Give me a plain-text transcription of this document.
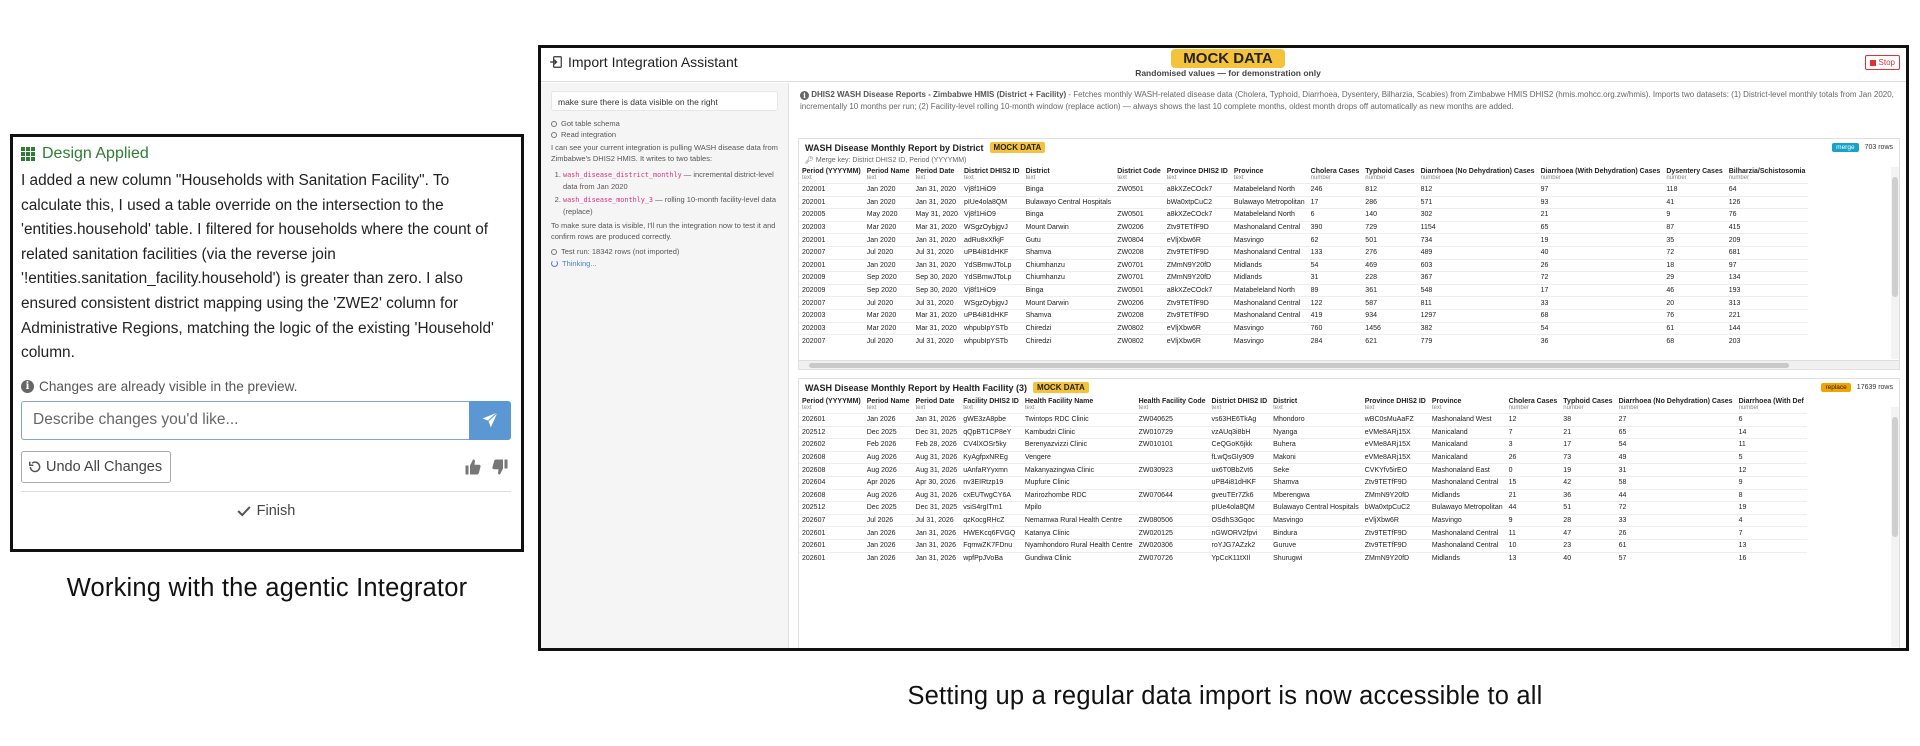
Design Applied

I added a new column "Households with Sanitation Facility". To calculate this, I used a table override on the intersection to the 'entities.household' table. I filtered for households where the count of related sanitation facilities (via the reverse join '!entities.sanitation_facility.household') is greater than zero. I also ensured consistent district mapping using the 'ZWE2' column for Administrative Regions, matching the logic of the existing 'Household' column.

i Changes are already visible in the preview.
Describe changes you'd like...
Undo All Changes
Finish
Working with the agentic Integrator
Import Integration Assistant	MOCK DATA
Randomised values — for demonstration only
Stop
make sure there is data visible on the right
Got table schema
Read integration

I can see your current integration is pulling WASH disease data from Zimbabwe's DHIS2 HMIS. It writes to two tables:

1. wash_disease_district_monthly — incremental district-level data from Jan 2020
2. wash_disease_monthly_3 — rolling 10-month facility-level data (replace)

To make sure data is visible, I'll run the integration now to test it and confirm rows are produced correctly.

Test run: 18342 rows (not imported)
Thinking...
i DHIS2 WASH Disease Reports - Zimbabwe HMIS (District + Facility) - Fetches monthly WASH-related disease data (Cholera, Typhoid, Diarrhoea, Dysentery, Bilharzia, Scabies) from Zimbabwe HMIS DHIS2 (hmis.mohcc.org.zw/hmis). Imports two datasets: (1) District-level monthly totals from Jan 2020, incrementally 10 months per run; (2) Facility-level rolling 10-month window (replace action) — always shows the last 10 complete months, oldest month drops off automatically as new months are added.
WASH Disease Monthly Report by District	MOCK DATA	merge	703 rows
🔑︎ Merge key: District DHIS2 ID, Period (YYYYMM)
Period (YYYYMM)	Period Name	Period Date	District DHIS2 ID	District	District Code	Province DHIS2 ID	Province	Cholera Cases	Typhoid Cases	Diarrhoea (No Dehydration) Cases	Diarrhoea (With Dehydration) Cases	Dysentery Cases	Bilharzia/Schistosomia
text	text	text	text	text	text	text	text	number	number	number	number	number	number
202001	Jan 2020	Jan 31, 2020	Vj8f1HiO9	Binga	ZW0501	a8kXZeCOck7	Matabeleland North	246	812	812	97	118	64
202001	Jan 2020	Jan 31, 2020	pIUe4ola8QM	Bulawayo Central Hospitals		bWa0xtpCuC2	Bulawayo Metropolitan	17	286	571	93	41	126
202005	May 2020	May 31, 2020	Vj8f1HiO9	Binga	ZW0501	a8kXZeCOck7	Matabeleland North	6	140	302	21	9	76
202003	Mar 2020	Mar 31, 2020	WSgzOybjgvJ	Mount Darwin	ZW0206	Ztv9TETfF9D	Mashonaland Central	390	729	1154	65	87	415
202001	Jan 2020	Jan 31, 2020	adRu8xXfkjF	Gutu	ZW0804	eVljXbw6R	Masvingo	62	501	734	19	35	209
202007	Jul 2020	Jul 31, 2020	uPB4i81dHKF	Shamva	ZW0208	Ztv9TETfF9D	Mashonaland Central	133	276	489	40	72	681
202001	Jan 2020	Jan 31, 2020	YdSBmwJToLp	Chiumhanzu	ZW0701	ZMmN9Y20fD	Midlands	54	469	603	26	18	97
202009	Sep 2020	Sep 30, 2020	YdSBmwJToLp	Chiumhanzu	ZW0701	ZMmN9Y20fD	Midlands	31	228	367	72	29	134
202009	Sep 2020	Sep 30, 2020	Vj8f1HiO9	Binga	ZW0501	a8kXZeCOck7	Matabeleland North	89	361	548	17	46	193
202007	Jul 2020	Jul 31, 2020	WSgzOybjgvJ	Mount Darwin	ZW0206	Ztv9TETfF9D	Mashonaland Central	122	587	811	33	20	313
202003	Mar 2020	Mar 31, 2020	uPB4i81dHKF	Shamva	ZW0208	Ztv9TETfF9D	Mashonaland Central	419	934	1297	68	76	221
202003	Mar 2020	Mar 31, 2020	whpubIpYSTb	Chiredzi	ZW0802	eVljXbw6R	Masvingo	760	1456	382	54	61	144
202007	Jul 2020	Jul 31, 2020	whpubIpYSTb	Chiredzi	ZW0802	eVljXbw6R	Masvingo	284	621	779	36	68	203
WASH Disease Monthly Report by Health Facility (3)	MOCK DATA	replace	17639 rows
Period (YYYYMM)	Period Name	Period Date	Facility DHIS2 ID	Health Facility Name	Health Facility Code	District DHIS2 ID	District	Province DHIS2 ID	Province	Cholera Cases	Typhoid Cases	Diarrhoea (No Dehydration) Cases	Diarrhoea (With Def
text	text	text	text	text	text	text	text	text	text	number	number	number	number
202601	Jan 2026	Jan 31, 2026	gWE3zA8pbe	Twintops RDC Clinic	ZW040625	vs63HE6TkAg	Mhondoro	wBC0sMuAaFZ	Mashonaland West	12	38	27	6
202512	Dec 2025	Dec 31, 2025	qQpBT1CP8eY	Kambudzi Clinic	ZW010729	vzAUq3i8bH	Nyanga	eVMe8ARj15X	Manicaland	7	21	65	14
202602	Feb 2026	Feb 28, 2026	CV4lXOSr5ky	Berenyazvizzi Clinic	ZW010101	CeQGoK6jkk	Buhera	eVMe8ARj15X	Manicaland	3	17	54	11
202608	Aug 2026	Aug 31, 2026	KyAgfpxNREg	Vengere		fLwQsGIy909	Makoni	eVMe8ARj15X	Manicaland	26	73	49	5
202608	Aug 2026	Aug 31, 2026	uAnfaRYyxmn	Makanyazingwa Clinic	ZW030923	ux6T0BbZvt6	Seke	CVKYfv5irEO	Mashonaland East	0	19	31	12
202604	Apr 2026	Apr 30, 2026	nv3EIRtzp19	Mupfure Clinic		uPB4i81dHKF	Shamva	Ztv9TETfF9D	Mashonaland Central	15	42	58	9
202608	Aug 2026	Aug 31, 2026	cxEUTwgCY6A	Marirozhombe RDC	ZW070644	gveuTEr7Zk6	Mberengwa	ZMmN9Y20fD	Midlands	21	36	44	8
202512	Dec 2025	Dec 31, 2025	vsiS4rgITm1	Mpilo		pIUe4ola8QM	Bulawayo Central Hospitals	bWa0xtpCuC2	Bulawayo Metropolitan	44	51	72	19
202607	Jul 2026	Jul 31, 2026	qzKocgRHcZ	Nemamwa Rural Health Centre	ZW080506	OSdhS3Gqoc	Masvingo	eVljXbw6R	Masvingo	9	28	33	4
202601	Jan 2026	Jan 31, 2026	HWEKcq6FVGQ	Katanya Clinic	ZW020125	nGWORV2fpvi	Bindura	Ztv9TETfF9D	Mashonaland Central	11	47	26	7
202601	Jan 2026	Jan 31, 2026	FqmwZK7FDnu	Nyamhondoro Rural Health Centre	ZW020306	roYJG7AZzk2	Guruve	Ztv9TETfF9D	Mashonaland Central	10	23	61	13
202601	Jan 2026	Jan 31, 2026	wpfPpJVoBa	Gundiwa Clinic	ZW070726	YpCcK11tXIl	Shurugwi	ZMmN9Y20fD	Midlands	13	40	57	16
Setting up a regular data import is now accessible to all
